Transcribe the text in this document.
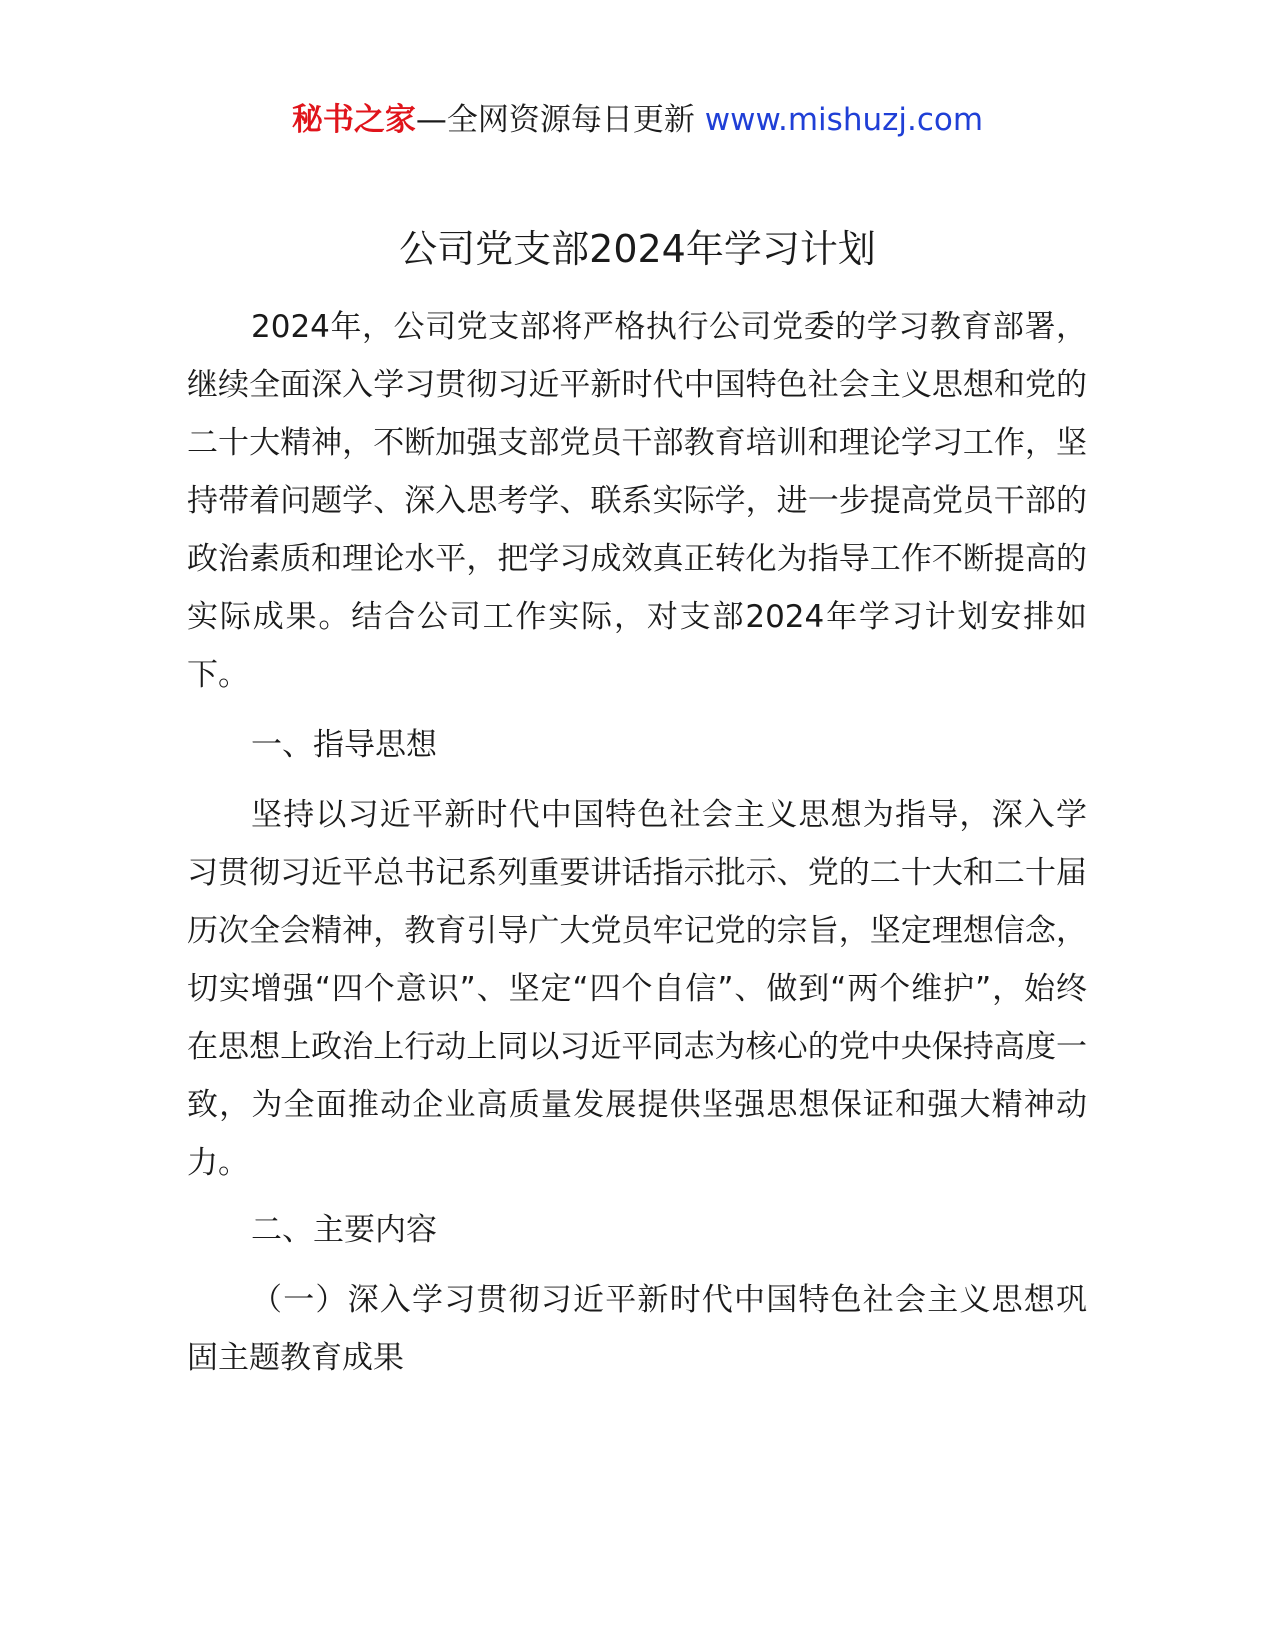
秘书之家—全网资源每日更新 www.mishuzj.com
公司党支部2024年学习计划

2024年，公司党支部将严格执行公司党委的学习教育部署，继续全面深入学习贯彻习近平新时代中国特色社会主义思想和党的二十大精神，不断加强支部党员干部教育培训和理论学习工作，坚持带着问题学、深入思考学、联系实际学，进一步提高党员干部的政治素质和理论水平，把学习成效真正转化为指导工作不断提高的实际成果。结合公司工作实际，对支部2024年学习计划安排如下。

一、指导思想

坚持以习近平新时代中国特色社会主义思想为指导，深入学习贯彻习近平总书记系列重要讲话指示批示、党的二十大和二十届历次全会精神，教育引导广大党员牢记党的宗旨，坚定理想信念，切实增强“四个意识”、坚定“四个自信”、做到“两个维护”，始终在思想上政治上行动上同以习近平同志为核心的党中央保持高度一致，为全面推动企业高质量发展提供坚强思想保证和强大精神动力。

二、主要内容

（一）深入学习贯彻习近平新时代中国特色社会主义思想巩固主题教育成果
